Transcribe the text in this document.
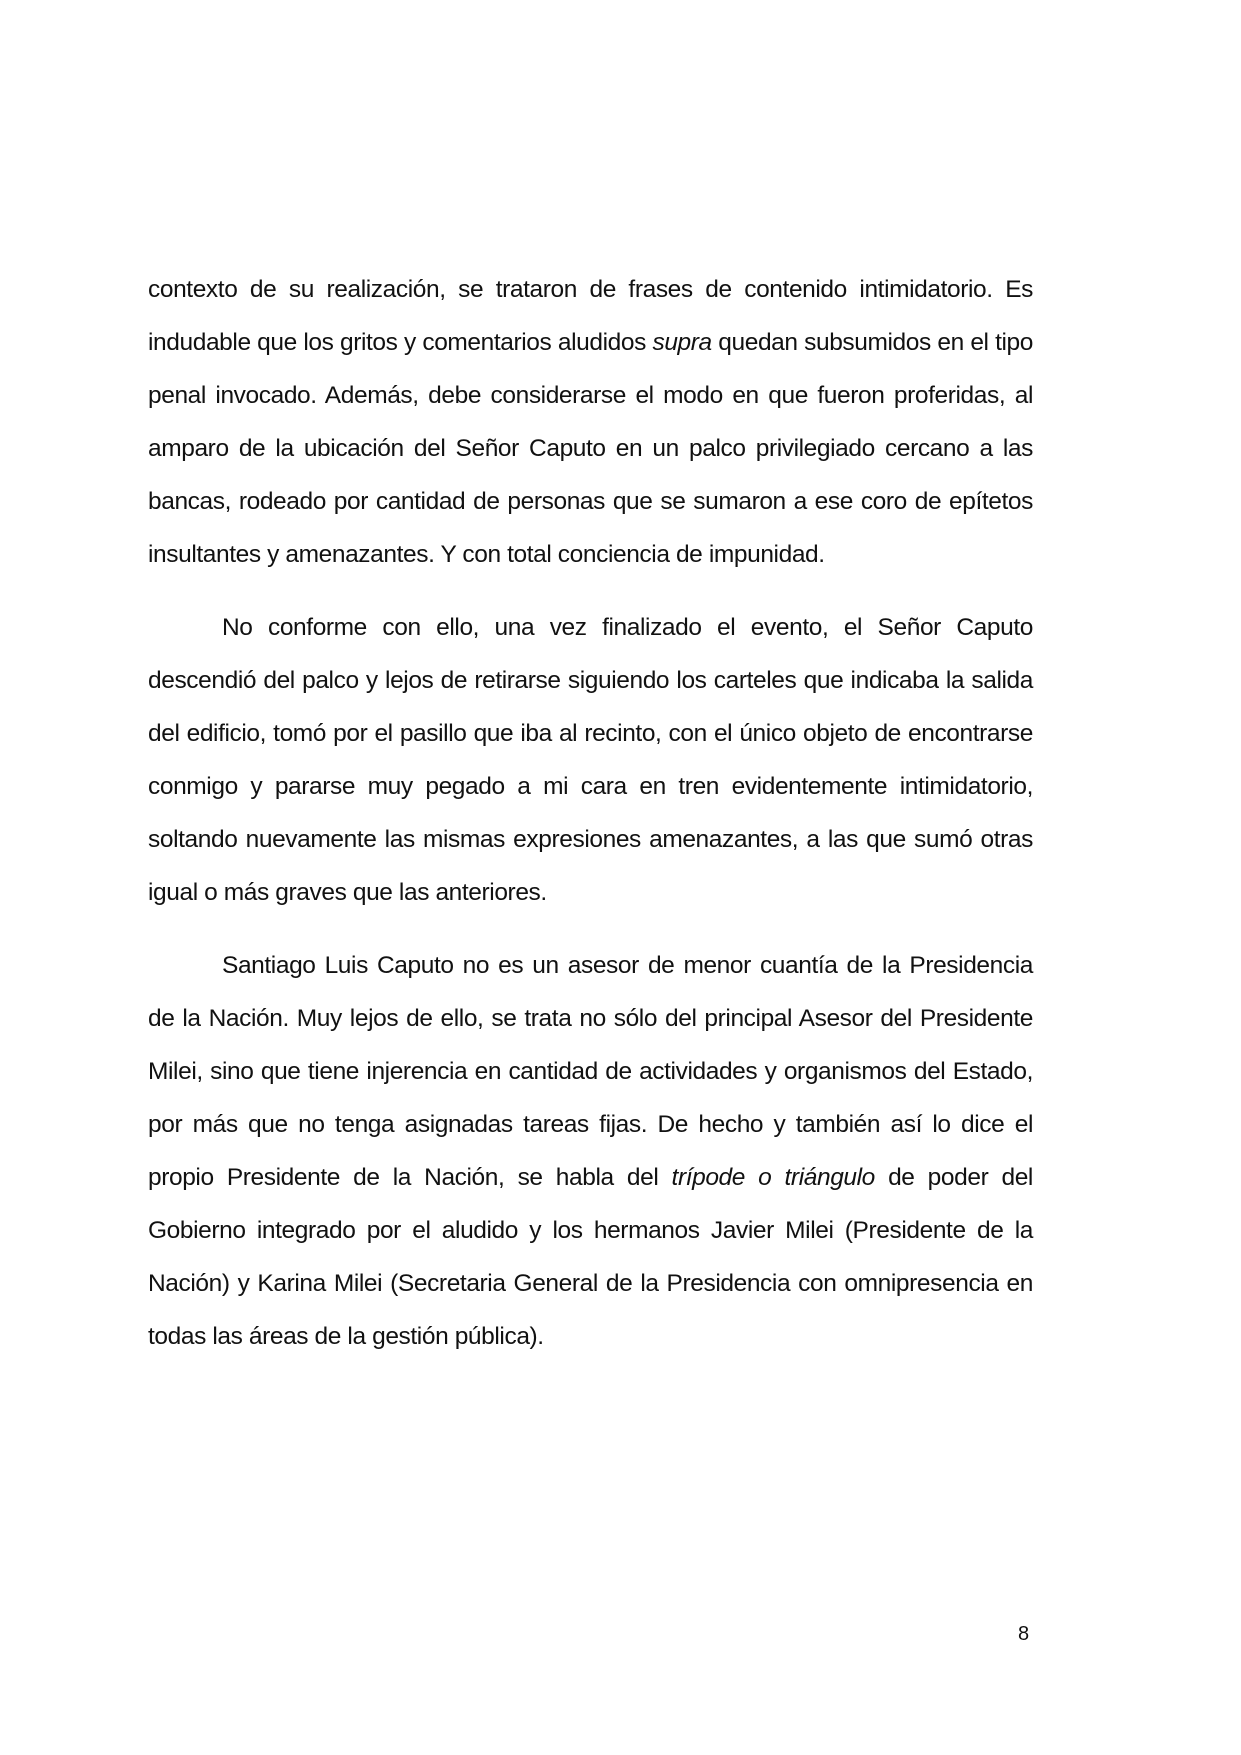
contexto de su realización, se trataron de frases de contenido intimidatorio. Es indudable que los gritos y comentarios aludidos supra quedan subsumidos en el tipo penal invocado. Además, debe considerarse el modo en que fueron proferidas, al amparo de la ubicación del Señor Caputo en un palco privilegiado cercano a las bancas, rodeado por cantidad de personas que se sumaron a ese coro de epítetos insultantes y amenazantes. Y con total conciencia de impunidad.

No conforme con ello, una vez finalizado el evento, el Señor Caputo descendió del palco y lejos de retirarse siguiendo los carteles que indicaba la salida del edificio, tomó por el pasillo que iba al recinto, con el único objeto de encontrarse conmigo y pararse muy pegado a mi cara en tren evidentemente intimidatorio, soltando nuevamente las mismas expresiones amenazantes, a las que sumó otras igual o más graves que las anteriores.

Santiago Luis Caputo no es un asesor de menor cuantía de la Presidencia de la Nación. Muy lejos de ello, se trata no sólo del principal Asesor del Presidente Milei, sino que tiene injerencia en cantidad de actividades y organismos del Estado, por más que no tenga asignadas tareas fijas. De hecho y también así lo dice el propio Presidente de la Nación, se habla del trípode o triángulo de poder del Gobierno integrado por el aludido y los hermanos Javier Milei (Presidente de la Nación) y Karina Milei (Secretaria General de la Presidencia con omnipresencia en todas las áreas de la gestión pública).

8
